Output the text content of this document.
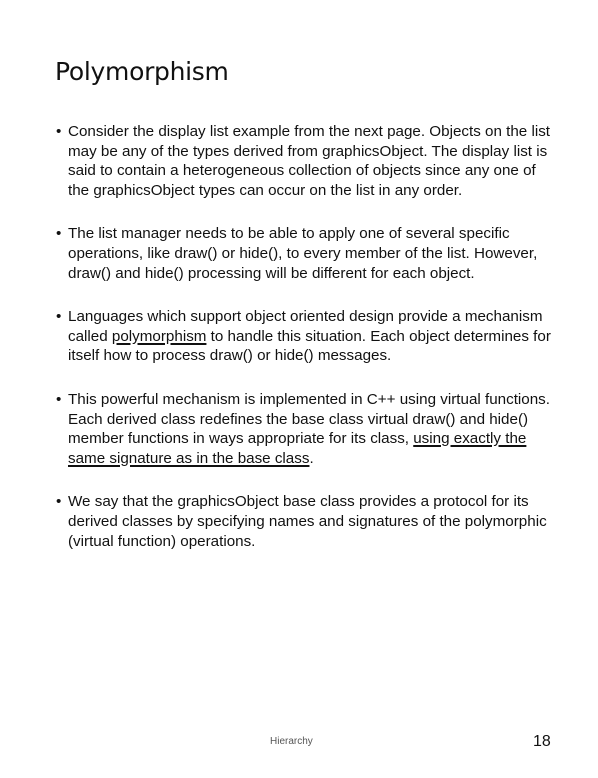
Polymorphism
• Consider the display list example from the next page. Objects on the list may be any of the types derived from graphicsObject. The display list is said to contain a heterogeneous collection of objects since any one of the graphicsObject types can occur on the list in any order.
• The list manager needs to be able to apply one of several specific operations, like draw() or hide(), to every member of the list. However, draw() and hide() processing will be different for each object.
• Languages which support object oriented design provide a mechanism called polymorphism to handle this situation. Each object determines for itself how to process draw() or hide() messages.
• This powerful mechanism is implemented in C++ using virtual functions. Each derived class redefines the base class virtual draw() and hide() member functions in ways appropriate for its class, using exactly the same signature as in the base class.
• We say that the graphicsObject base class provides a protocol for its derived classes by specifying names and signatures of the polymorphic (virtual function) operations.
Hierarchy	18
